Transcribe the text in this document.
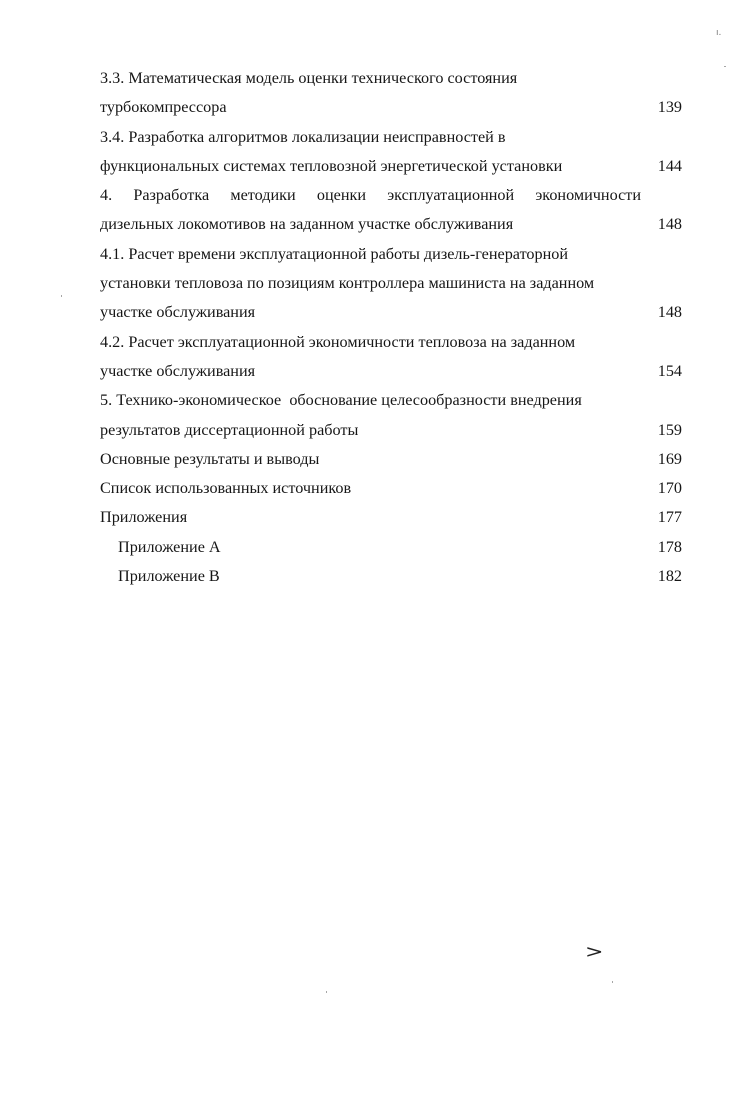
3.3. Математическая модель оценки технического состояния
турбокомпрессора	139
3.4. Разработка алгоритмов локализации неисправностей в
функциональных системах тепловозной энергетической установки	144
4. Разработка методики оценки эксплуатационной экономичности
дизельных локомотивов на заданном участке обслуживания	148
4.1. Расчет времени эксплуатационной работы дизель-генераторной
установки тепловоза по позициям контроллера машиниста на заданном
участке обслуживания	148
4.2. Расчет эксплуатационной экономичности тепловоза на заданном
участке обслуживания	154
5. Технико-экономическое  обоснование целесообразности внедрения
результатов диссертационной работы	159
Основные результаты и выводы	169
Список использованных источников	170
Приложения	177
Приложение А	178
Приложение В	182
>
ı.
